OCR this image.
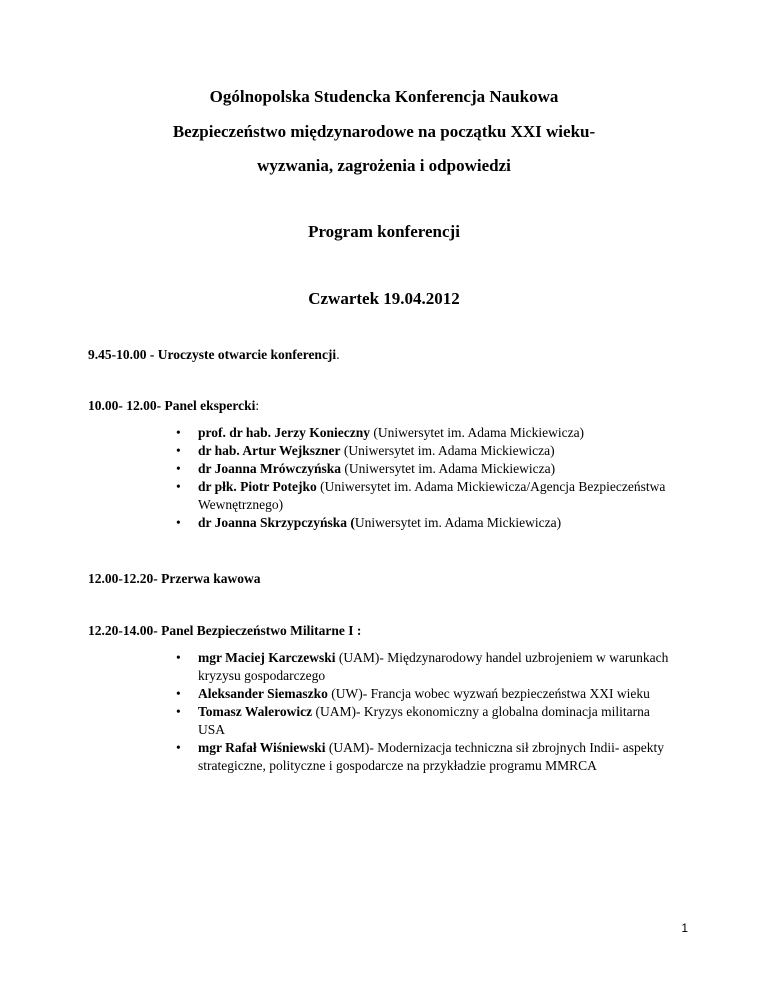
Ogólnopolska Studencka Konferencja Naukowa
Bezpieczeństwo międzynarodowe na początku XXI wieku-
wyzwania, zagrożenia i odpowiedzi
Program konferencji
Czwartek 19.04.2012
9.45-10.00 - Uroczyste otwarcie konferencji.
10.00- 12.00- Panel ekspercki:
• prof. dr hab. Jerzy Konieczny (Uniwersytet im. Adama Mickiewicza)
• dr hab. Artur Wejkszner (Uniwersytet im. Adama Mickiewicza)
• dr Joanna Mrówczyńska (Uniwersytet im. Adama Mickiewicza)
• dr płk. Piotr Potejko (Uniwersytet im. Adama Mickiewicza/Agencja Bezpieczeństwa Wewnętrznego)
• dr Joanna Skrzypczyńska (Uniwersytet im. Adama Mickiewicza)
12.00-12.20- Przerwa kawowa
12.20-14.00- Panel Bezpieczeństwo Militarne I :
• mgr Maciej Karczewski (UAM)- Międzynarodowy handel uzbrojeniem w warunkach kryzysu gospodarczego
• Aleksander Siemaszko (UW)- Francja wobec wyzwań bezpieczeństwa XXI wieku
• Tomasz Walerowicz (UAM)- Kryzys ekonomiczny a globalna dominacja militarna USA
• mgr Rafał Wiśniewski (UAM)- Modernizacja techniczna sił zbrojnych Indii- aspekty strategiczne, polityczne i gospodarcze na przykładzie programu MMRCA
1
